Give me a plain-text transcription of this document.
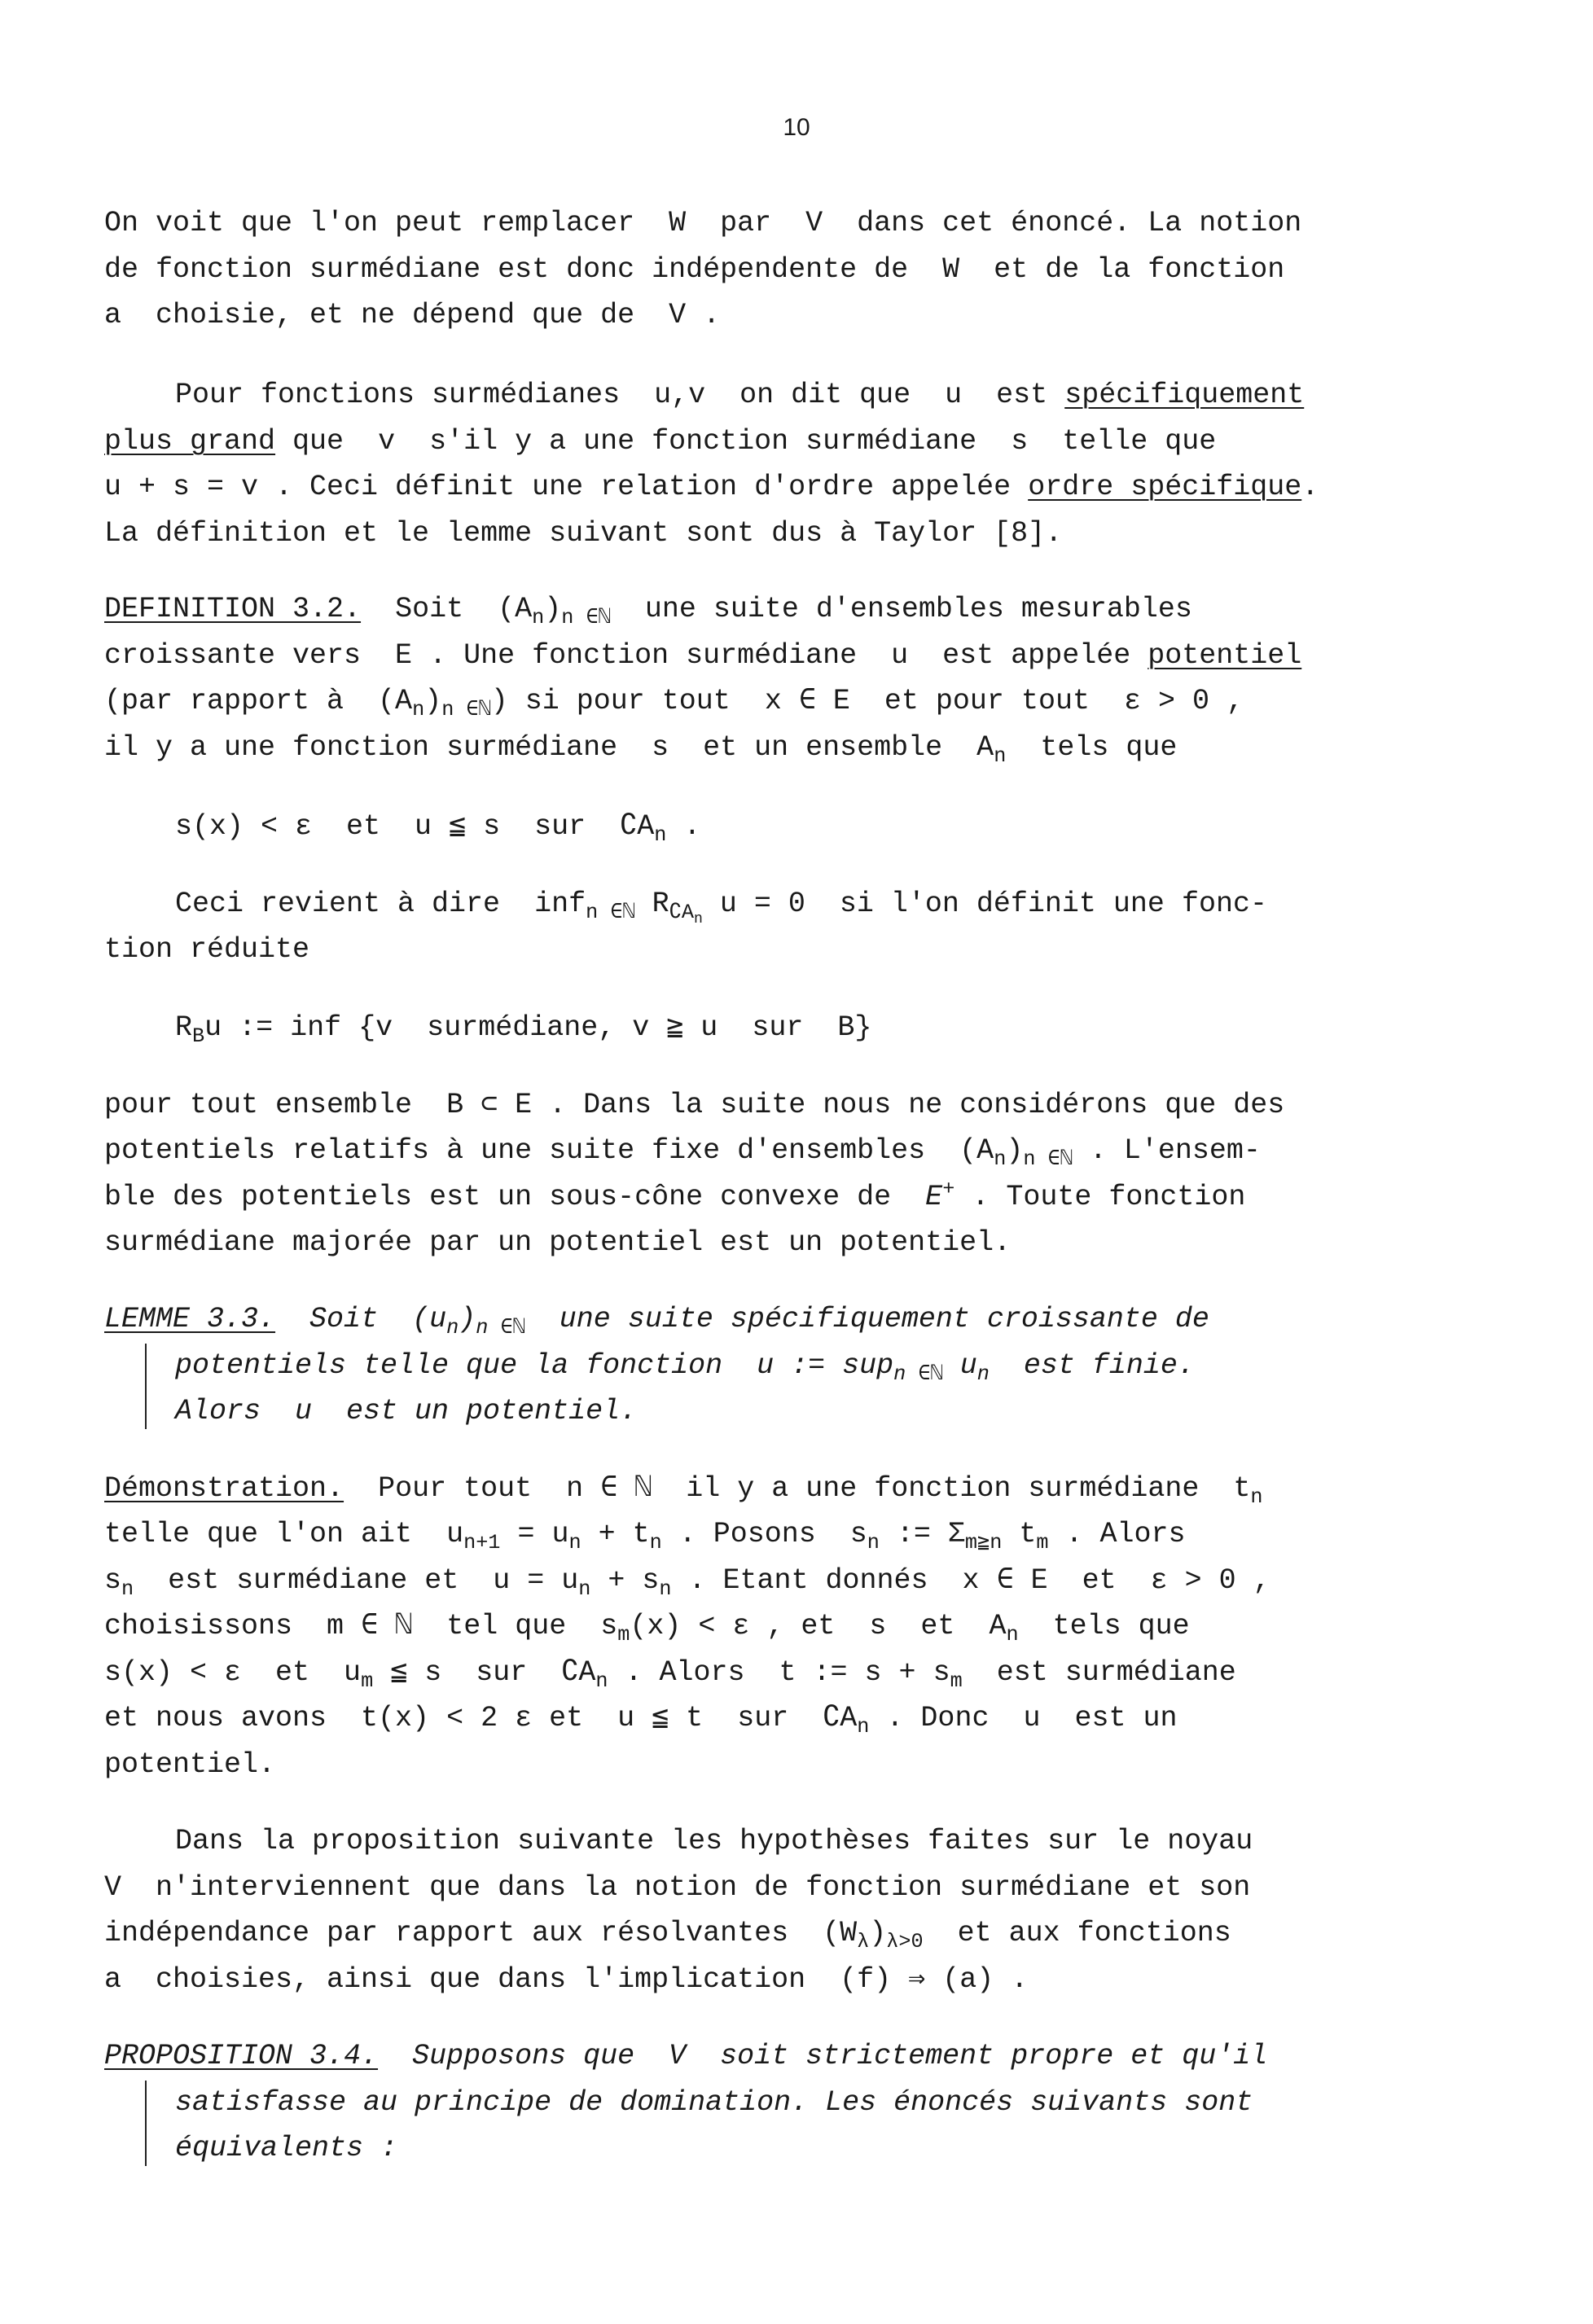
10
On voit que l'on peut remplacer  W  par  V  dans cet énoncé. La notion
de fonction surmédiane est donc indépendente de  W  et de la fonction
a  choisie, et ne dépend que de  V .
Pour fonctions surmédianes  u,v  on dit que  u  est spécifiquement
plus grand que  v  s'il y a une fonction surmédiane  s  telle que
u + s = v . Ceci définit une relation d'ordre appelée ordre spécifique.
La définition et le lemme suivant sont dus à Taylor [8].
DEFINITION 3.2.  Soit  $(A_n)_{n \in ℕ}$  une suite d'ensembles mesurables
croissante vers  E . Une fonction surmédiane  u  est appelée potentiel
(par rapport à  $(A_n)_{n \in ℕ}$) si pour tout  x ∈ E  et pour tout  ε > 0 ,
il y a une fonction surmédiane  s  et un ensemble  $A_n$  tels que
s(x) < ε  et  u ≦ s  sur  $∁A_n$ .
Ceci revient à dire  inf$_{n \in ℕ}$ $R_{∁A_n}$ u = 0  si l'on définit une fonc-
tion réduite
$R_Bu$ := inf {v  surmédiane, v ≧ u  sur  B}
pour tout ensemble  B ⊂ E . Dans la suite nous ne considérons que des
potentiels relatifs à une suite fixe d'ensembles  $(A_n)_{n \in ℕ}$ . L'ensem-
ble des potentiels est un sous-cône convexe de  E+ . Toute fonction
surmédiane majorée par un potentiel est un potentiel.
LEMME 3.3.  Soit  $(u_n)_{n \in ℕ}$  une suite spécifiquement croissante de
potentiels telle que la fonction  u := sup$_{n \in ℕ}$ $u_n$  est finie.
Alors  u  est un potentiel.
Démonstration.  Pour tout  n ∈ ℕ  il y a une fonction surmédiane  $t_n$
telle que l'on ait  $u_{n+1} = u_n + t_n$ . Posons  $s_n$ := $\Sigma_{m≧n}$ $t_m$ . Alors
$s_n$  est surmédiane et  $u = u_n + s_n$ . Etant donnés  x ∈ E  et  ε > 0 ,
choisissons  m ∈ ℕ  tel que  $s_m(x) < \varepsilon$ , et  s  et  $A_n$  tels que
s(x) < ε  et  $u_m$ ≦ s  sur  $∁A_n$ . Alors  t := $s + s_m$  est surmédiane
et nous avons  t(x) < 2 ε et  u ≦ t  sur  $∁A_n$ . Donc  u  est un
potentiel.
Dans la proposition suivante les hypothèses faites sur le noyau
V  n'interviennent que dans la notion de fonction surmédiane et son
indépendance par rapport aux résolvantes  $(W_\lambda)_{\lambda>0}$  et aux fonctions
a  choisies, ainsi que dans l'implication  (f) ⇒ (a) .
PROPOSITION 3.4.  Supposons que  V  soit strictement propre et qu'il
satisfasse au principe de domination. Les énoncés suivants sont
équivalents :
